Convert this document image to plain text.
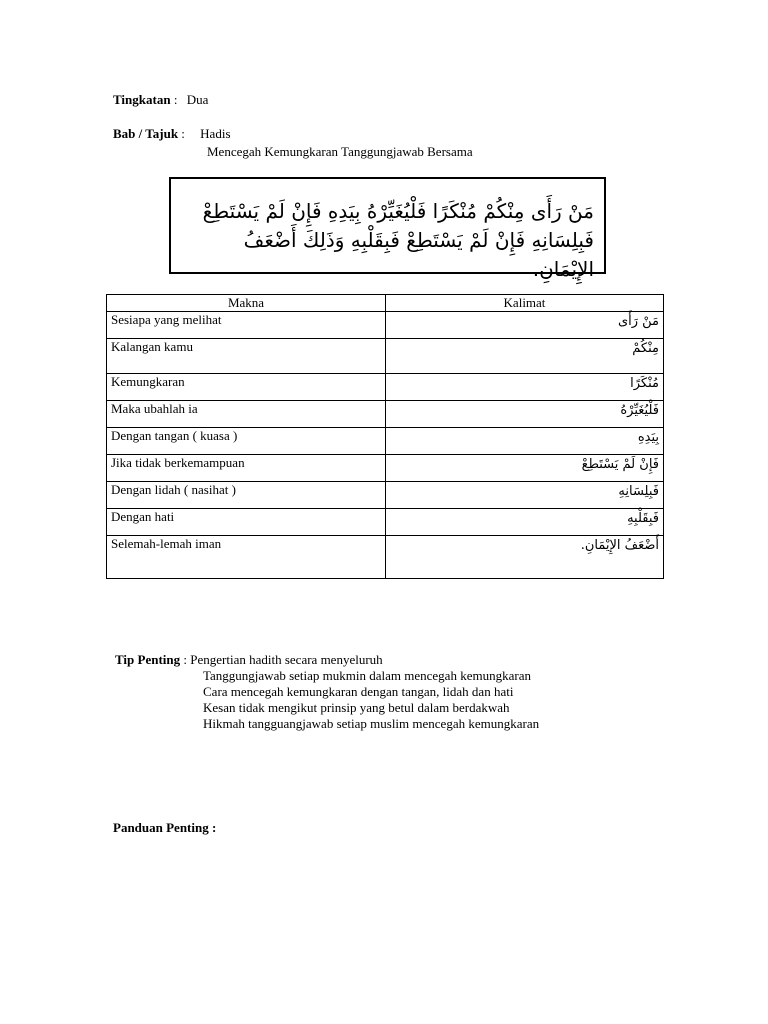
Tingkatan : Dua
Bab / Tajuk : Hadis
Mencegah Kemungkaran Tanggungjawab Bersama
مَنْ رَأَى مِنْكُمْ مُنْكَرًا فَلْيُغَيِّرْهُ بِيَدِهِ فَإِنْ لَمْ يَسْتَطِعْ فَبِلِسَانِهِ فَإِنْ لَمْ يَسْتَطِعْ فَبِقَلْبِهِ وَذَلِكَ أَضْعَفُ الإِيْمَانِ.
Makna	Kalimat
Sesiapa yang melihat	مَنْ رَأَى
Kalangan kamu	مِنْكُمْ
Kemungkaran	مُنْكَرًا
Maka ubahlah ia	فَلْيُغَيِّرْهُ
Dengan tangan ( kuasa )	بِيَدِهِ
Jika tidak berkemampuan	فَإِنْ لَمْ يَسْتَطِعْ
Dengan lidah ( nasihat )	فَبِلِسَانِهِ
Dengan hati	فَبِقَلْبِهِ
Selemah-lemah iman	أَضْعَفُ الإِيْمَانِ.
Tip Penting : Pengertian hadith secara menyeluruh
Tanggungjawab setiap mukmin dalam mencegah kemungkaran
Cara mencegah kemungkaran dengan tangan, lidah dan hati
Kesan tidak mengikut prinsip yang betul dalam berdakwah
Hikmah tangguangjawab setiap muslim mencegah kemungkaran
Panduan Penting :
